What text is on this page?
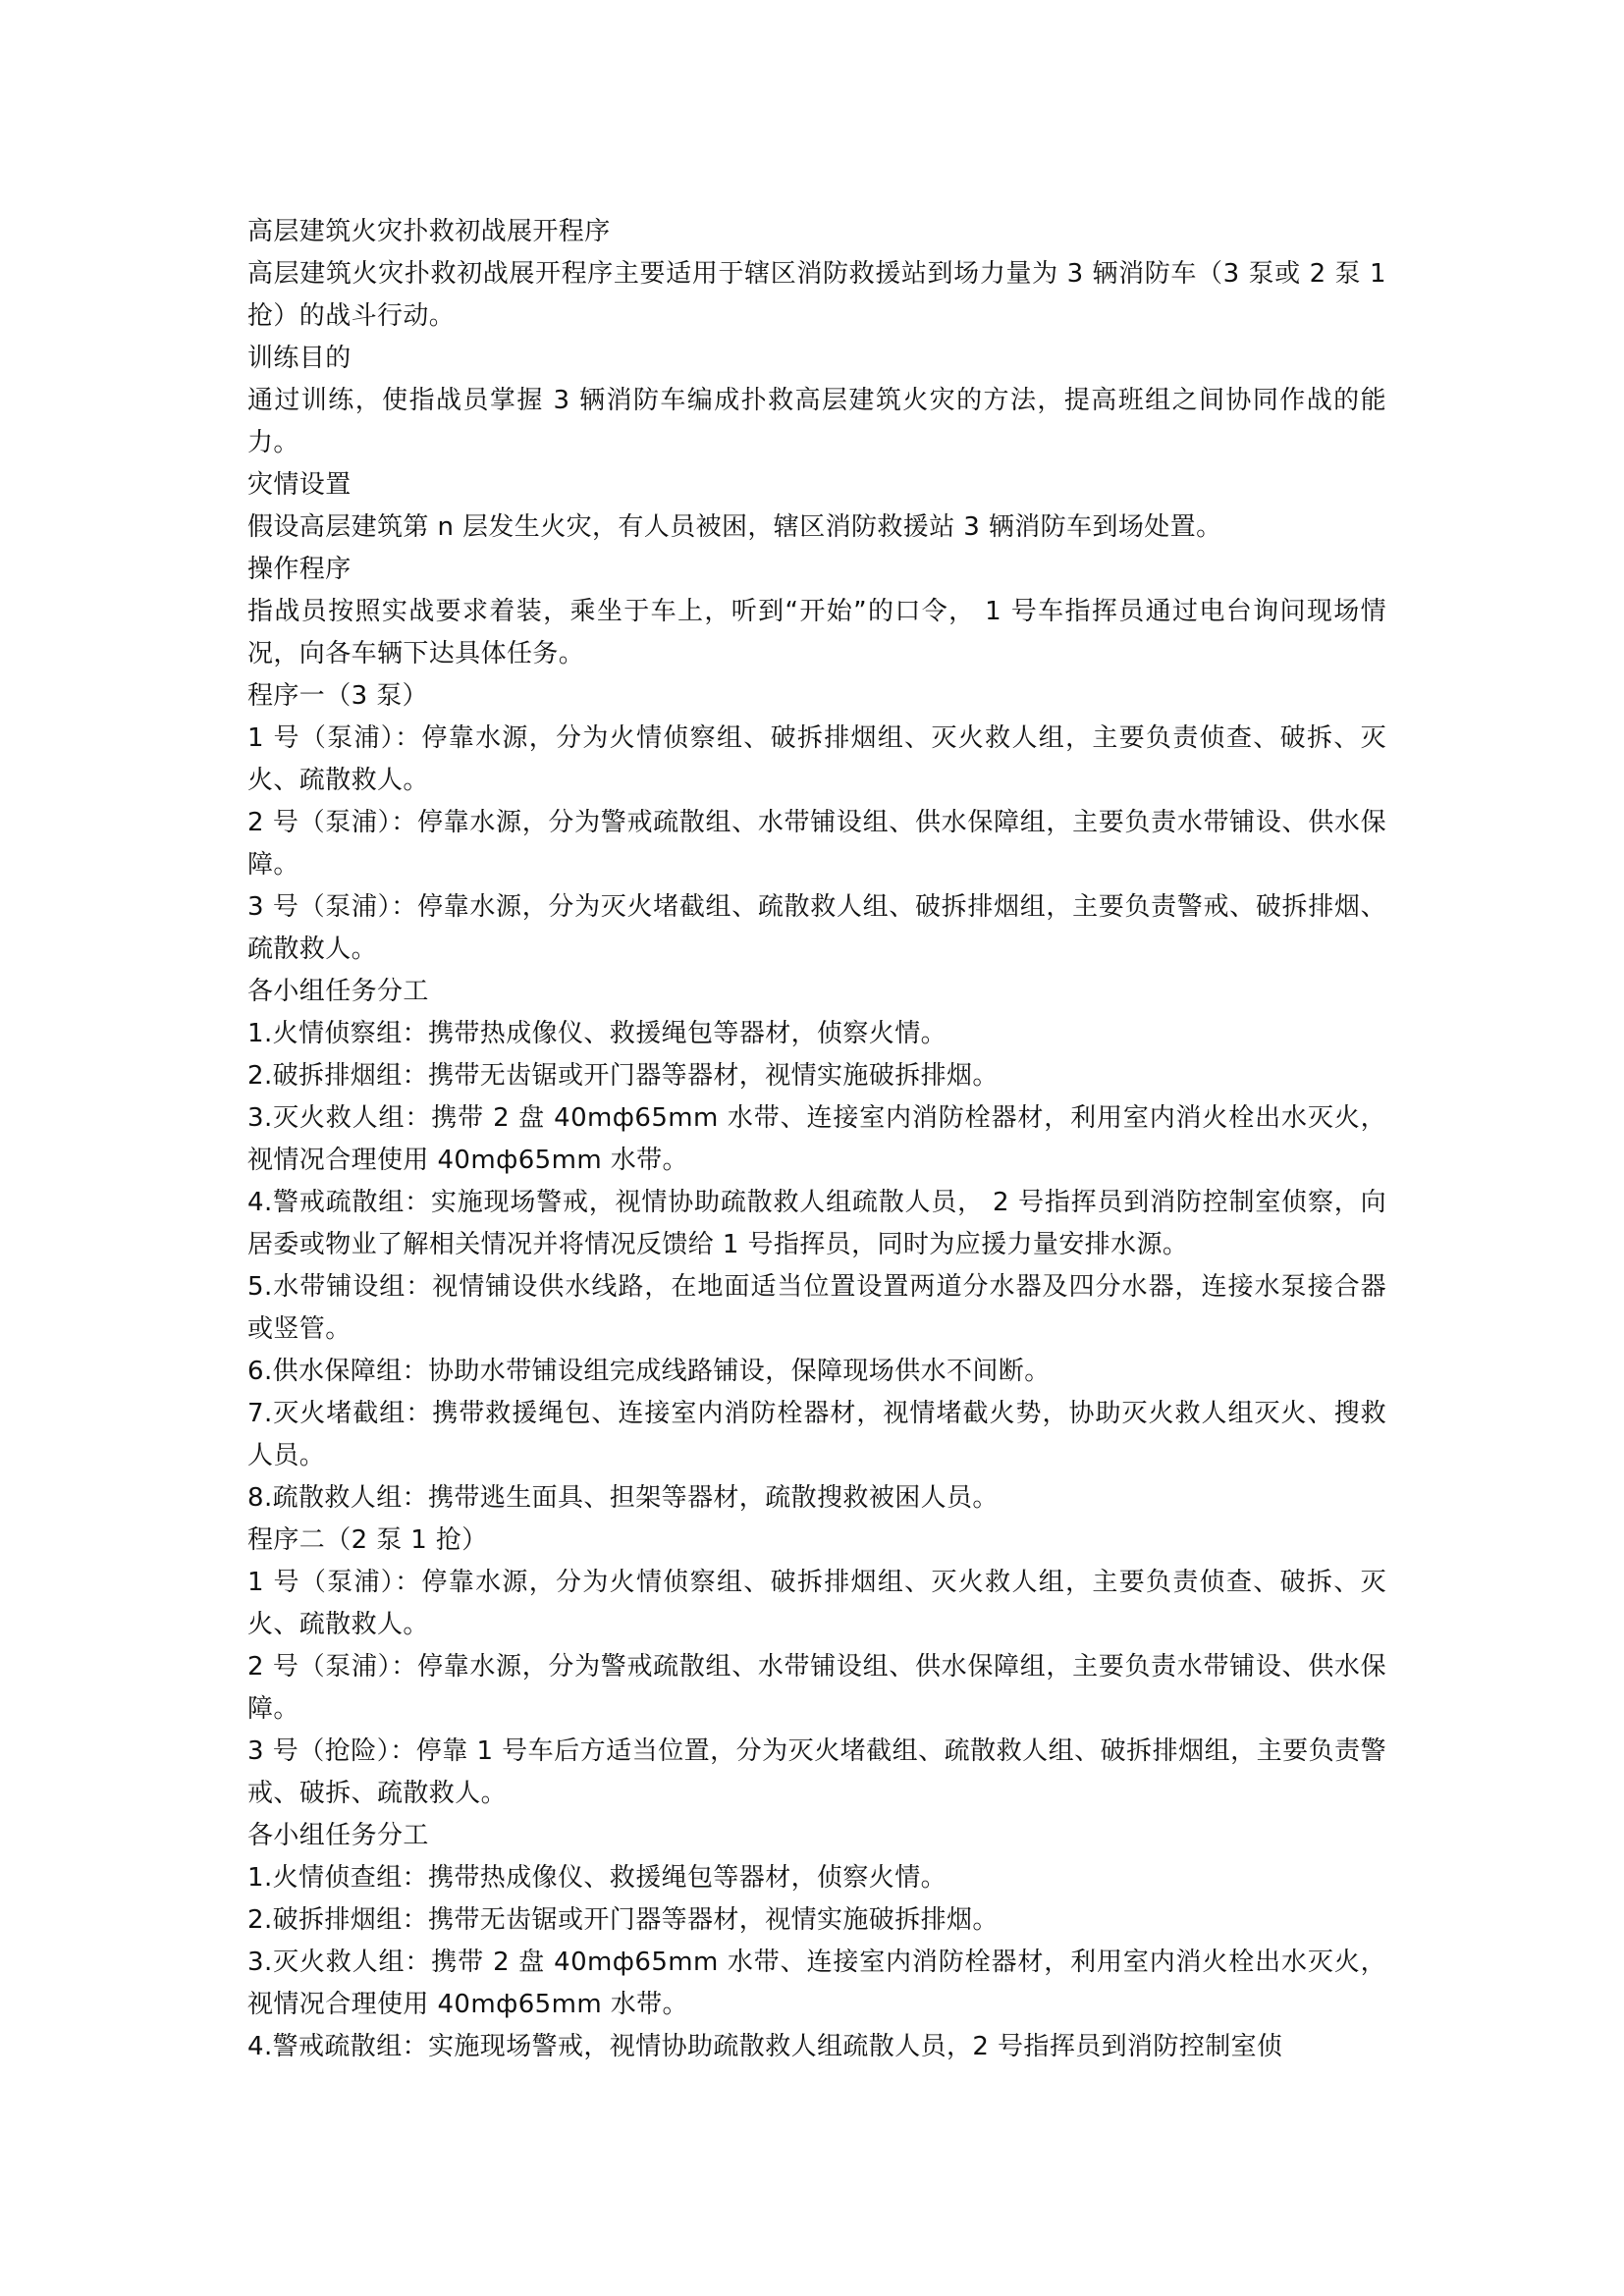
高层建筑火灾扑救初战展开程序

高层建筑火灾扑救初战展开程序主要适用于辖区消防救援站到场力量为 3 辆消防车（3 泵或 2 泵 1 抢）的战斗行动。

训练目的

通过训练，使指战员掌握 3 辆消防车编成扑救高层建筑火灾的方法，提高班组之间协同作战的能力。

灾情设置

假设高层建筑第 n 层发生火灾，有人员被困，辖区消防救援站 3 辆消防车到场处置。

操作程序

指战员按照实战要求着装，乘坐于车上，听到“开始”的口令， 1 号车指挥员通过电台询问现场情况，向各车辆下达具体任务。

程序一（3 泵）

1 号（泵浦）：停靠水源，分为火情侦察组、破拆排烟组、灭火救人组，主要负责侦查、破拆、灭火、疏散救人。

2 号（泵浦）：停靠水源，分为警戒疏散组、水带铺设组、供水保障组，主要负责水带铺设、供水保障。

3 号（泵浦）：停靠水源，分为灭火堵截组、疏散救人组、破拆排烟组，主要负责警戒、破拆排烟、疏散救人。

各小组任务分工

1.火情侦察组：携带热成像仪、救援绳包等器材，侦察火情。

2.破拆排烟组：携带无齿锯或开门器等器材，视情实施破拆排烟。

3.灭火救人组：携带 2 盘 40mф65mm 水带、连接室内消防栓器材，利用室内消火栓出水灭火，视情况合理使用 40mф65mm 水带。

4.警戒疏散组：实施现场警戒，视情协助疏散救人组疏散人员， 2 号指挥员到消防控制室侦察，向居委或物业了解相关情况并将情况反馈给 1 号指挥员，同时为应援力量安排水源。

5.水带铺设组：视情铺设供水线路，在地面适当位置设置两道分水器及四分水器，连接水泵接合器或竖管。

6.供水保障组：协助水带铺设组完成线路铺设，保障现场供水不间断。

7.灭火堵截组：携带救援绳包、连接室内消防栓器材，视情堵截火势，协助灭火救人组灭火、搜救人员。

8.疏散救人组：携带逃生面具、担架等器材，疏散搜救被困人员。

程序二（2 泵 1 抢）

1 号（泵浦）：停靠水源，分为火情侦察组、破拆排烟组、灭火救人组，主要负责侦查、破拆、灭火、疏散救人。

2 号（泵浦）：停靠水源，分为警戒疏散组、水带铺设组、供水保障组，主要负责水带铺设、供水保障。

3 号（抢险）：停靠 1 号车后方适当位置，分为灭火堵截组、疏散救人组、破拆排烟组，主要负责警戒、破拆、疏散救人。

各小组任务分工

1.火情侦查组：携带热成像仪、救援绳包等器材，侦察火情。

2.破拆排烟组：携带无齿锯或开门器等器材，视情实施破拆排烟。

3.灭火救人组：携带 2 盘 40mф65mm 水带、连接室内消防栓器材，利用室内消火栓出水灭火，视情况合理使用 40mф65mm 水带。

4.警戒疏散组：实施现场警戒，视情协助疏散救人组疏散人员，2 号指挥员到消防控制室侦
